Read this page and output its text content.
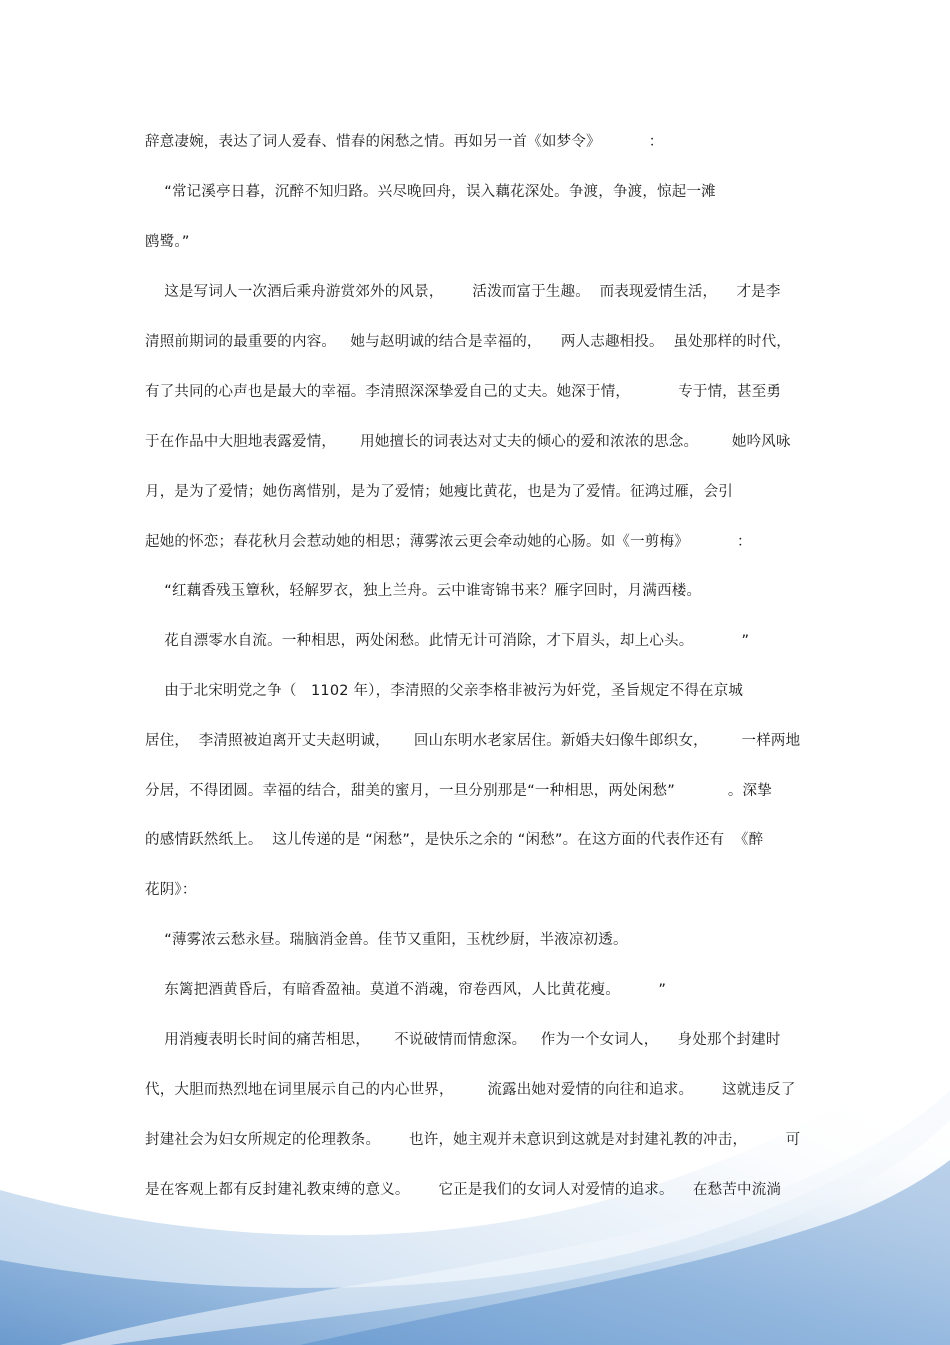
辞意凄婉，表达了词人爱春、惜春的闲愁之情。再如另一首《如梦令》          ：
“常记溪亭日暮，沉醉不知归路。兴尽晚回舟，误入藕花深处。争渡，争渡，惊起一滩
鸥鹭。”
这是写词人一次酒后乘舟游赏郊外的风景，      活泼而富于生趣。  而表现爱情生活，    才是李
清照前期词的最重要的内容。   她与赵明诚的结合是幸福的，    两人志趣相投。  虽处那样的时代，
有了共同的心声也是最大的幸福。李清照深深挚爱自己的丈夫。她深于情，          专于情，甚至勇
于在作品中大胆地表露爱情，     用她擅长的词表达对丈夫的倾心的爱和浓浓的思念。       她吟风咏
月，是为了爱情；她伤离惜别，是为了爱情；她瘦比黄花，也是为了爱情。征鸿过雁，会引
起她的怀恋；春花秋月会惹动她的相思；薄雾浓云更会牵动她的心肠。如《一剪梅》          ：
“红藕香残玉簟秋，轻解罗衣，独上兰舟。云中谁寄锦书来？雁字回时，月满西楼。
花自漂零水自流。一种相思，两处闲愁。此情无计可消除，才下眉头，却上心头。          ”
由于北宋明党之争（   1102 年），李清照的父亲李格非被污为奸党，圣旨规定不得在京城
居住，  李清照被迫离开丈夫赵明诚，     回山东明水老家居住。新婚夫妇像牛郎织女，       一样两地
分居，不得团圆。幸福的结合，甜美的蜜月，一旦分别那是“一种相思，两处闲愁”           。深挚
的感情跃然纸上。  这儿传递的是 “闲愁”，是快乐之余的 “闲愁”。在这方面的代表作还有  《醉
花阴》：
“薄雾浓云愁永昼。瑞脑消金兽。佳节又重阳，玉枕纱厨，半液凉初透。
东篱把酒黄昏后，有暗香盈袖。莫道不消魂，帘卷西风，人比黄花瘦。        ”
用消瘦表明长时间的痛苦相思，     不说破情而情愈深。   作为一个女词人，    身处那个封建时
代，大胆而热烈地在词里展示自己的内心世界，       流露出她对爱情的向往和追求。      这就违反了
封建社会为妇女所规定的伦理教条。      也许，她主观并未意识到这就是对封建礼教的冲击，        可
是在客观上都有反封建礼教束缚的意义。      它正是我们的女词人对爱情的追求。    在愁苦中流淌
